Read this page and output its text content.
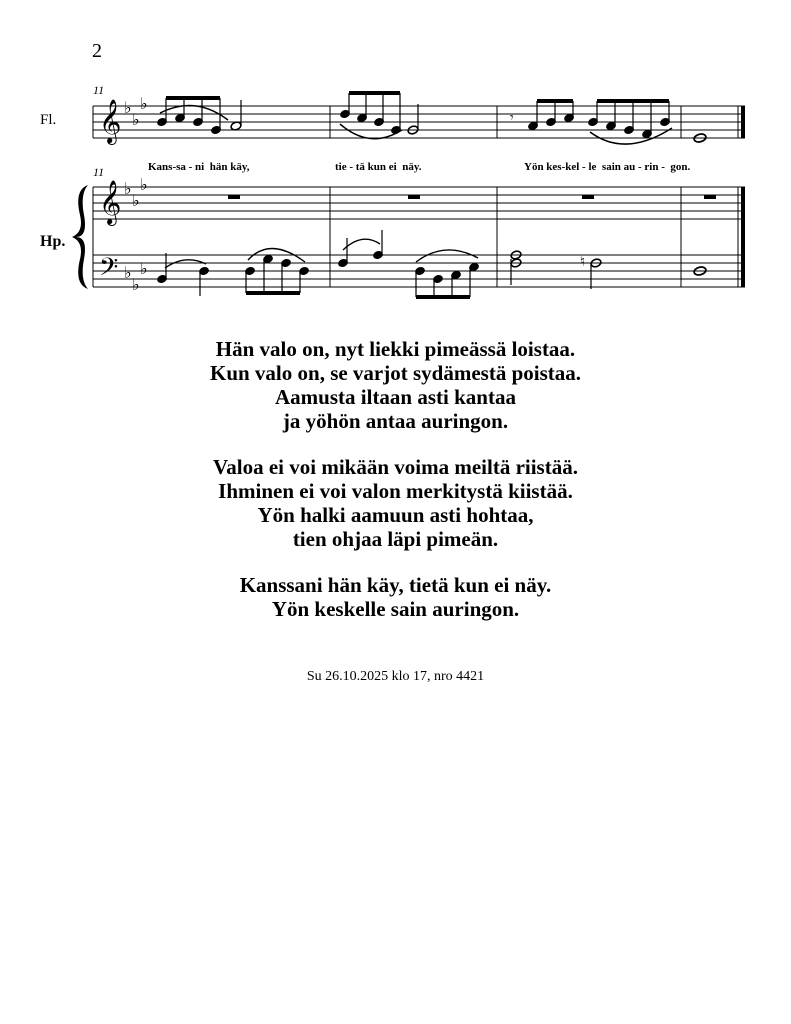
2
11
11
Fl.
Hp.
𝄞 ♭
♭
♭
𝄾
Kans-sa - ni  hän käy,	tie - tä kun ei  näy.	Yön kes-kel - le  sain au - rin -  gon.
𝄞 ♭
♭
♭
𝄢 ♭
♭
♭	♮
Hän valo on, nyt liekki pimeässä loistaa.
Kun valo on, se varjot sydämestä poistaa.
Aamusta iltaan asti kantaa
ja yöhön antaa auringon.
Valoa ei voi mikään voima meiltä riistää.
Ihminen ei voi valon merkitystä kiistää.
Yön halki aamuun asti hohtaa,
tien ohjaa läpi pimeän.
Kanssani hän käy, tietä kun ei näy.
Yön keskelle sain auringon.
Su 26.10.2025 klo 17, nro 4421
